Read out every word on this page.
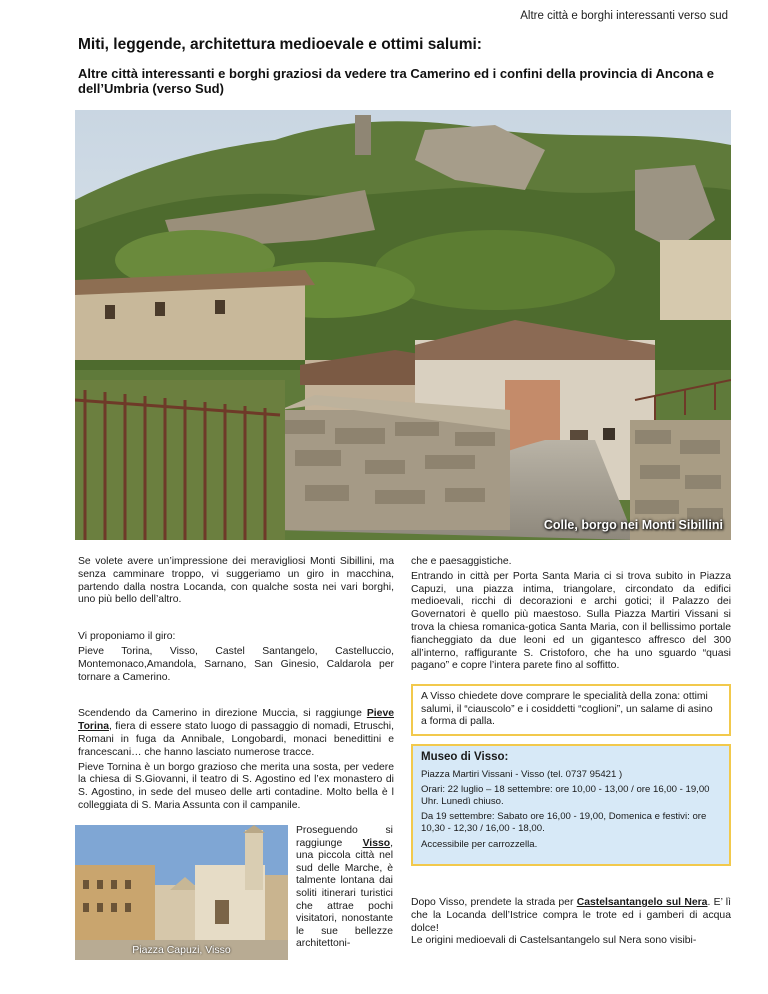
Altre città e borghi interessanti verso sud
Miti, leggende, architettura medioevale e ottimi salumi:
Altre città interessanti e borghi graziosi da vedere tra Camerino ed i confini della provincia di Ancona e dell’Umbria (verso Sud)
Colle, borgo nei Monti Sibillini

Se volete avere un’impressione dei meravigliosi Monti Sibillini, ma senza camminare troppo, vi suggeriamo un giro in macchina, partendo dalla nostra Locanda, con qualche sosta nei vari borghi, uno più bello dell’altro.

Vi proponiamo il giro:

Pieve Torina, Visso, Castel Santangelo, Castelluccio, Montemonaco,Amandola, Sarnano, San Ginesio, Caldarola per tornare a Camerino.

Scendendo da Camerino in direzione Muccia, si raggiunge Pieve Torina, fiera di essere stato luogo di passaggio di nomadi, Etruschi, Romani in fuga da Annibale, Longobardi, monaci benedittini e francescani… che hanno lasciato numerose tracce.

Pieve Tornina è un borgo grazioso che merita una sosta, per vedere la chiesa di S.Giovanni, il teatro di S. Agostino ed l’ex monastero di S. Agostino, in sede del museo delle arti contadine. Molto bella è l colleggiata di S. Maria Assunta con il campanile.

Piazza Capuzi, Visso
Proseguendo si raggiunge Visso, una piccola città nel sud delle Marche, è talmente lontana dai soliti itinerari turistici che attrae pochi visitatori, nonostante le sue bellezze architettoni-

che e paesaggistiche.

Entrando in città per Porta Santa Maria ci si trova subito in Piazza Capuzi, una piazza intima, triangolare, circondato da edifici medioevali, ricchi di decorazioni e archi gotici; il Palazzo dei Governatori è quello più maestoso. Sulla Piazza Martiri Vissani si trova la chiesa romanica-gotica Santa Maria, con il bellissimo portale fiancheggiato da due leoni ed un gigantesco affresco del 300 all’interno, raffigurante S. Cristoforo, che ha uno sguardo “quasi pagano” e copre l’intera parete fino al soffitto.

A Visso chiedete dove comprare le specialità della zona: ottimi salumi, il “ciauscolo” e i cosiddetti “coglioni”, un salame di asino a forma di palla.
Museo di Visso:

Piazza Martiri Vissani - Visso (tel. 0737 95421 )

Orari: 22 luglio – 18 settembre: ore 10,00 - 13,00 / ore 16,00 - 19,00 Uhr. Lunedì chiuso.

Da 19 settembre: Sabato ore 16,00 - 19,00, Domenica e festivi: ore 10,30 - 12,30 / 16,00 - 18,00.

Accessibile per carrozzella.

Dopo Visso, prendete la strada per Castelsantangelo sul Nera. E’ lì che la Locanda dell’Istrice compra le trote ed i gamberi di acqua dolce!

Le origini medioevali di Castelsantangelo sul Nera sono visibi-
